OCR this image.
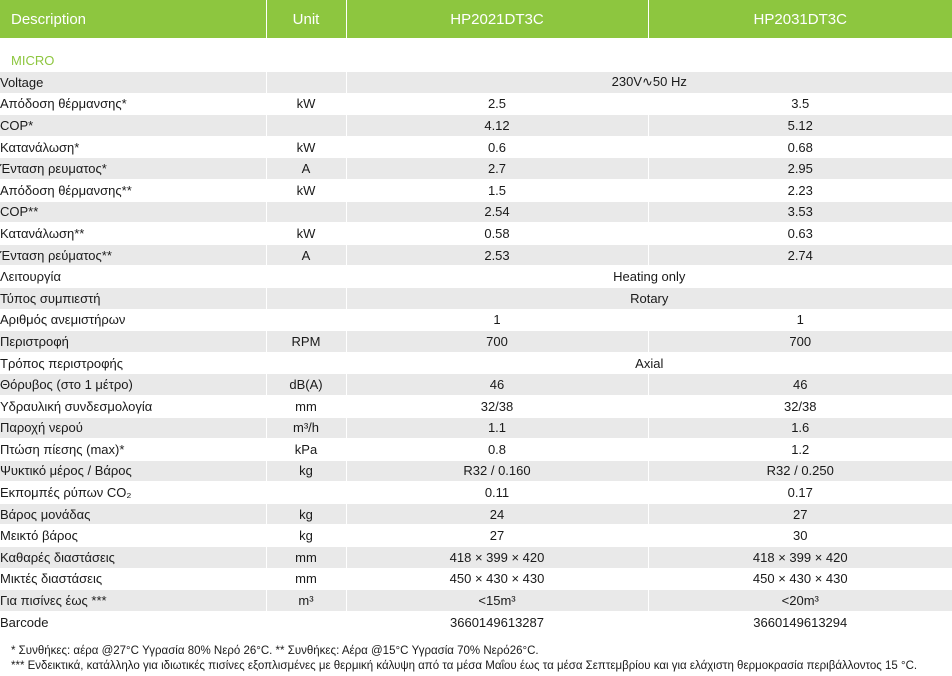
Description	Unit	HP2021DT3C	HP2031DT3C

MICRO			
Voltage		230V∿50 Hz	
Απόδοση θέρμανσης*	kW	2.5	3.5
COP*		4.12	5.12
Κατανάλωση*	kW	0.6	0.68
Ένταση ρευματος*	A	2.7	2.95
Απόδοση θέρμανσης**	kW	1.5	2.23
COP**		2.54	3.53
Κατανάλωση**	kW	0.58	0.63
Ένταση ρεύματος**	A	2.53	2.74
Λειτουργία		Heating only	
Τύπος συμπιεστή		Rotary	
Αριθμός ανεμιστήρων		1	1
Περιστροφή	RPM	700	700
Τρόπος περιστροφής		Axial	
Θόρυβος (στο 1 μέτρο)	dB(A)	46	46
Υδραυλική συνδεσμολογία	mm	32/38	32/38
Παροχή νερού	m³/h	1.1	1.6
Πτώση πίεσης (max)*	kPa	0.8	1.2
Ψυκτικό μέρος / Βάρος	kg	R32 / 0.160	R32 / 0.250
Εκπομπές ρύπων CO₂		0.11	0.17
Βάρος μονάδας	kg	24	27
Μεικτό βάρος	kg	27	30
Καθαρές διαστάσεις	mm	418 × 399 × 420	418 × 399 × 420
Μικτές διαστάσεις	mm	450 × 430 × 430	450 × 430 × 430
Για πισίνες έως ***	m³	<15m³	<20m³
Barcode		3660149613287	3660149613294
* Συνθήκες: αέρα @27°C Υγρασία 80% Νερό 26°C. ** Συνθήκες: Αέρα @15°C Υγρασία 70% Νερό26°C.
*** Ενδεικτικά, κατάλληλο για ιδιωτικές πισίνες εξοπλισμένες με θερμική κάλυψη από τα μέσα Μαΐου έως τα μέσα Σεπτεμβρίου και για ελάχιστη θερμοκρασία περιβάλλοντος 15 °C.
